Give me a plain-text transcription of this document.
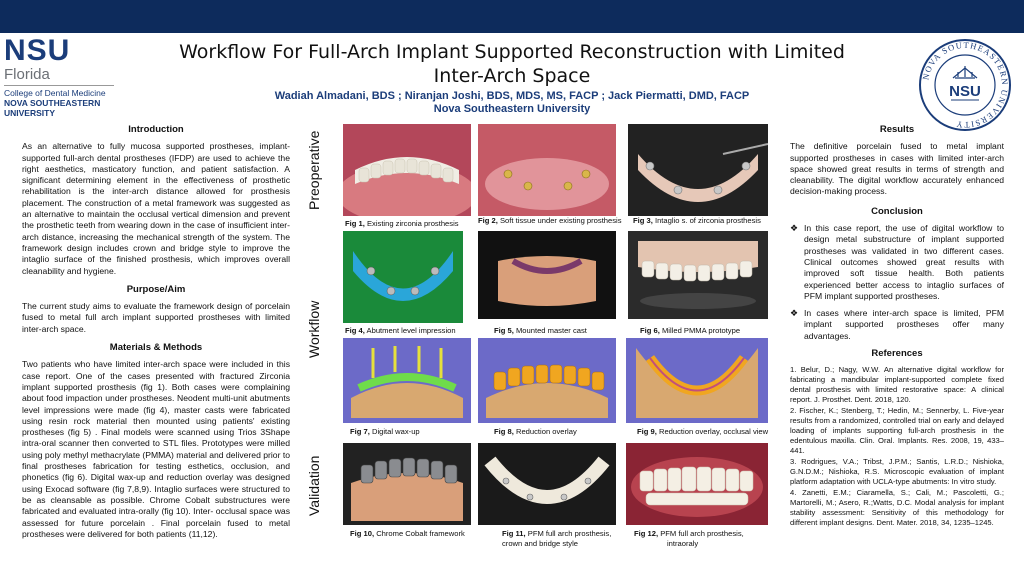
NSU
Florida
College of Dental Medicine
NOVA SOUTHEASTERN
UNIVERSITY
Workflow For Full-Arch Implant Supported Reconstruction with Limited
Inter-Arch Space
Wadiah Almadani, BDS ; Niranjan Joshi, BDS, MDS, MS, FACP ; Jack Piermatti, DMD, FACP
Nova Southeastern University
NOVA SOUTHEASTERN UNIVERSITY
NSU
Introduction

As an alternative to fully mucosa supported prostheses, implant-supported full-arch dental prostheses (IFDP) are used to achieve the right aesthetics, masticatory function, and patient satisfaction. A significant determining element in the effectiveness of prosthetic rehabilitation is the inter-arch distance allowed for prosthesis placement. The construction of a metal framework was suggested as an alternative to maintain the occlusal vertical dimension and prevent the prosthetic teeth from wearing down in the case of insufficient inter-arch distance, increasing the mechanical strength of the system. The framework design includes crown and bridge style to improve the intaglio surface of the finished prosthesis, which improves overall cleanability and hygiene.

Purpose/Aim

The current study aims to evaluate the framework design of porcelain fused to metal full arch implant supported prostheses with limited inter-arch space.

Materials & Methods

Two patients who have limited inter-arch space were included in this case report. One of the cases presented with fractured Zirconia implant supported prosthesis (fig 1). Both cases were complaining about food impaction under prostheses. Neodent multi-unit abutments level impressions were made (fig 4), master casts were fabricated using resin rock material then mounted using patients' existing prostheses (fig 5) . Final models were scanned using Trios 3Shape intra-oral scanner then converted to STL files. Prototypes were milled using poly methyl methacrylate (PMMA) material and delivered prior to final prostheses fabrication for testing esthetics, occlusion, and phonetics (fig 6). Digital wax-up and reduction overlay was designed using Exocad software (fig 7,8,9). Intaglio surfaces were structured to be as cleansable as possible. Chrome Cobalt substructures were fabricated and evaluated intra-orally (fig 10). Inter- occlusal space was assessed for future porcelain . Final porcelain fused to metal prostheses were delivered for both patients (11,12).

Preoperative
Workflow
Validation
Fig 1, Existing zirconia prosthesis	Fig 2, Soft tissue under existing prosthesis Fig 3, Intaglio s. of zirconia prosthesis
Fig 4, Abutment level impression	Fig 5, Mounted master cast	Fig 6, Milled PMMA prototype
Fig 7, Digital wax-up	Fig 8, Reduction overlay	Fig 9, Reduction overlay, occlusal view
Fig 10, Chrome Cobalt framework	Fig 11, PFM full arch prosthesis,
crown and bridge style
Fig 12, PFM full arch prosthesis,
intraoraly
Results

The definitive porcelain fused to metal implant supported prostheses in cases with limited inter-arch space showed great results in terms of strength and cleanability. The digital workflow accurately enhanced decision-making process.

Conclusion
❖ In this case report, the use of digital workflow to design metal substructure of implant supported prostheses was validated in two different cases. Clinical outcomes showed great results with improved soft tissue health. Both patients experienced better access to intaglio surfaces of PFM implant supported prostheses.

❖ In cases where inter-arch space is limited, PFM implant supported prostheses offer many advantages.

References

1. Belur, D.; Nagy, W.W. An alternative digital workflow for fabricating a mandibular implant-supported complete fixed dental prosthesis with limited restorative space: A clinical report. J. Prosthet. Dent. 2018, 120.

2. Fischer, K.; Stenberg, T.; Hedin, M.; Sennerby, L. Five-year results from a randomized, controlled trial on early and delayed loading of implants supporting full-arch prosthesis in the edentulous maxilla. Clin. Oral. Implants. Res. 2008, 19, 433–441.

3. Rodrigues, V.A.; Tribst, J.P.M.; Santis, L.R.D.; Nishioka, G.N.D.M.; Nishioka, R.S. Microscopic evaluation of implant platform adaptation with UCLA-type abutments: In vitro study.

4. Zanetti, E.M.; Ciaramella, S.; Cali, M.; Pascoletti, G.; Martorelli, M.; Asero, R.;Watts, D.C. Modal analysis for implant stability assessment: Sensitivity of this methodology for different implant designs. Dent. Mater. 2018, 34, 1235–1245.
